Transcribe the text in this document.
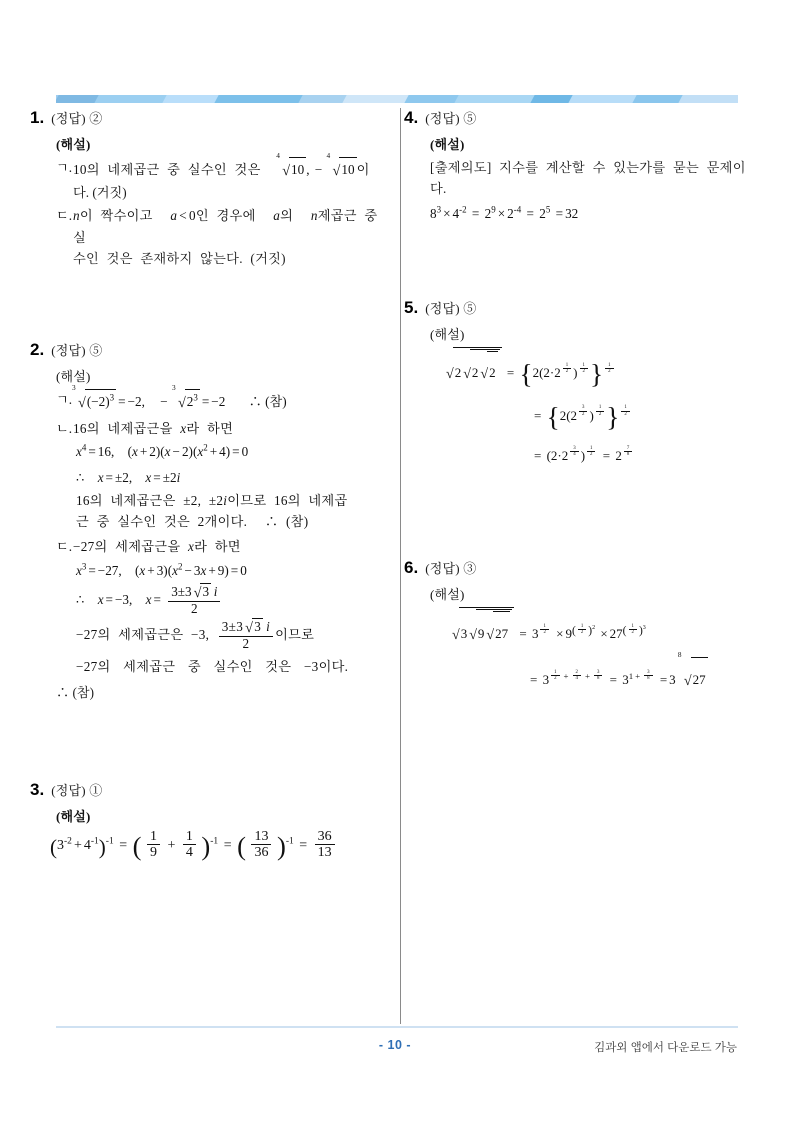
1. (정답) ②
(해설)
ㄱ. 10의 네제곱근 중 실수인 것은
4
√10 , −
4
√10 이
다. (거짓)
ㄷ. n이 짝수이고 a < 0인 경우에 a의 n제곱근 중 실
수인 것은 존재하지 않는다. (거짓)
2. (정답) ⑤
(해설)
ㄱ.
3
$√(-2)^3 = -2$, −
3
$√2^3 = -2$ ∴ (참)
ㄴ. 16의 네제곱근을 x라 하면
$x^4 = 16$, $(x + 2)(x - 2)(x^2 + 4) = 0$
∴ x = ±2, x = ±2i
16의 네제곱근은 ±2, ±2i이므로 16의 네제곱
근 중 실수인 것은 2개이다. ∴ (참)
ㄷ. −27의 세제곱근을 x라 하면
$x^3 = -27$, $(x + 3)(x^2 - 3x + 9) = 0$
∴ x = −3, $x = \frac{3\pm 3 √3 i}{2}$
−27의 세제곱근은 −3, $\frac{3\pm 3 √3 i}{2}$ 이므로
−27의 세제곱근 중 실수인 것은 −3이다.
∴ (참)
3. (정답) ①
(해설)
$(3^{-2} + 4^{-1})^{-1}$ = ( $\frac{1}{9} + \frac{1}{4} )^{-1}$ = ( $\frac{13}{36} )^{-1} = \frac{36}{13}$
4. (정답) ⑤
(해설)
[출제의도] 지수를 계산할 수 있는가를 묻는 문제이다.
$8^3 \times 4^{-2} = 2^9 \times 2^{-4} = 2^5 = 32$
5. (정답) ⑤
(해설)
√2 √2 √2 = {2(2·2 $^{\frac{1}{2}}$ ) $^{\frac{1}{2}}$ } $^{\frac{1}{2}}$
= {2(2 $^{\frac{3}{2}}$ ) $^{\frac{1}{2}}$ } $^{\frac{1}{2}}$
= (2·2 $^{\frac{3}{4}}$ ) $^{\frac{1}{2}}$ = 2 $^{\frac{7}{8}}$
6. (정답) ③
(해설)
√3 √9 √27 = 3 $^{\frac{1}{2}} \times 9^{( \frac{1}{2} )^2} \times 27^{( \frac{1}{2} )^3}$
= 3 $^{\frac{1}{2} + \frac{2}{4} + \frac{3}{8}} = 3^{1 + \frac{3}{8}} = 3$
8
√27
- 10 -	김과외 앱에서 다운로드 가능
